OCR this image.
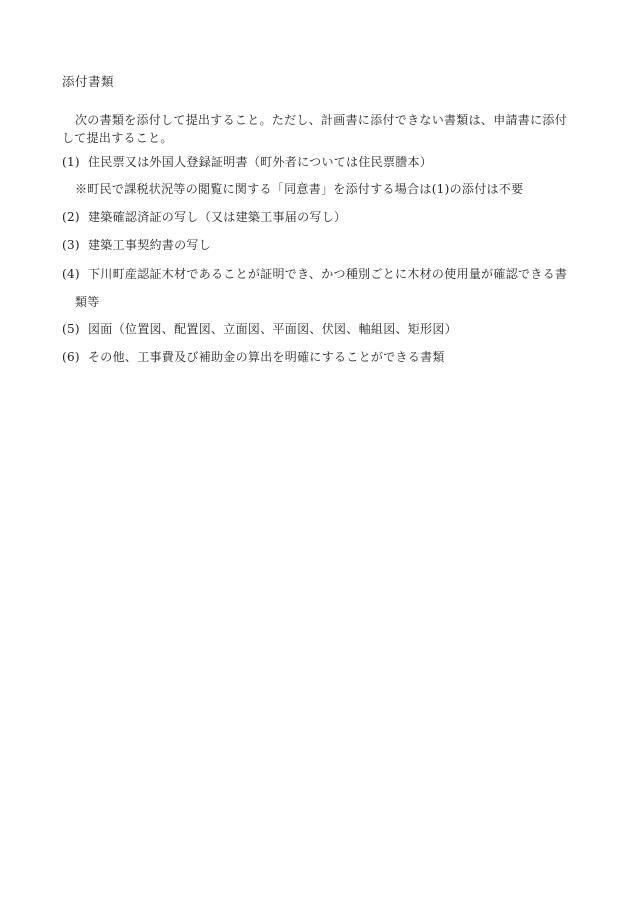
添付書類
次の書類を添付して提出すること。ただし、計画書に添付できない書類は、申請書に添付して提出すること。
(1) 住民票又は外国人登録証明書（町外者については住民票謄本）
※町民で課税状況等の閲覧に関する「同意書」を添付する場合は(1)の添付は不要
(2) 建築確認済証の写し（又は建築工事届の写し）
(3) 建築工事契約書の写し
(4) 下川町産認証木材であることが証明でき、かつ種別ごとに木材の使用量が確認できる書
類等
(5) 図面（位置図、配置図、立面図、平面図、伏図、軸組図、矩形図）
(6) その他、工事費及び補助金の算出を明確にすることができる書類
